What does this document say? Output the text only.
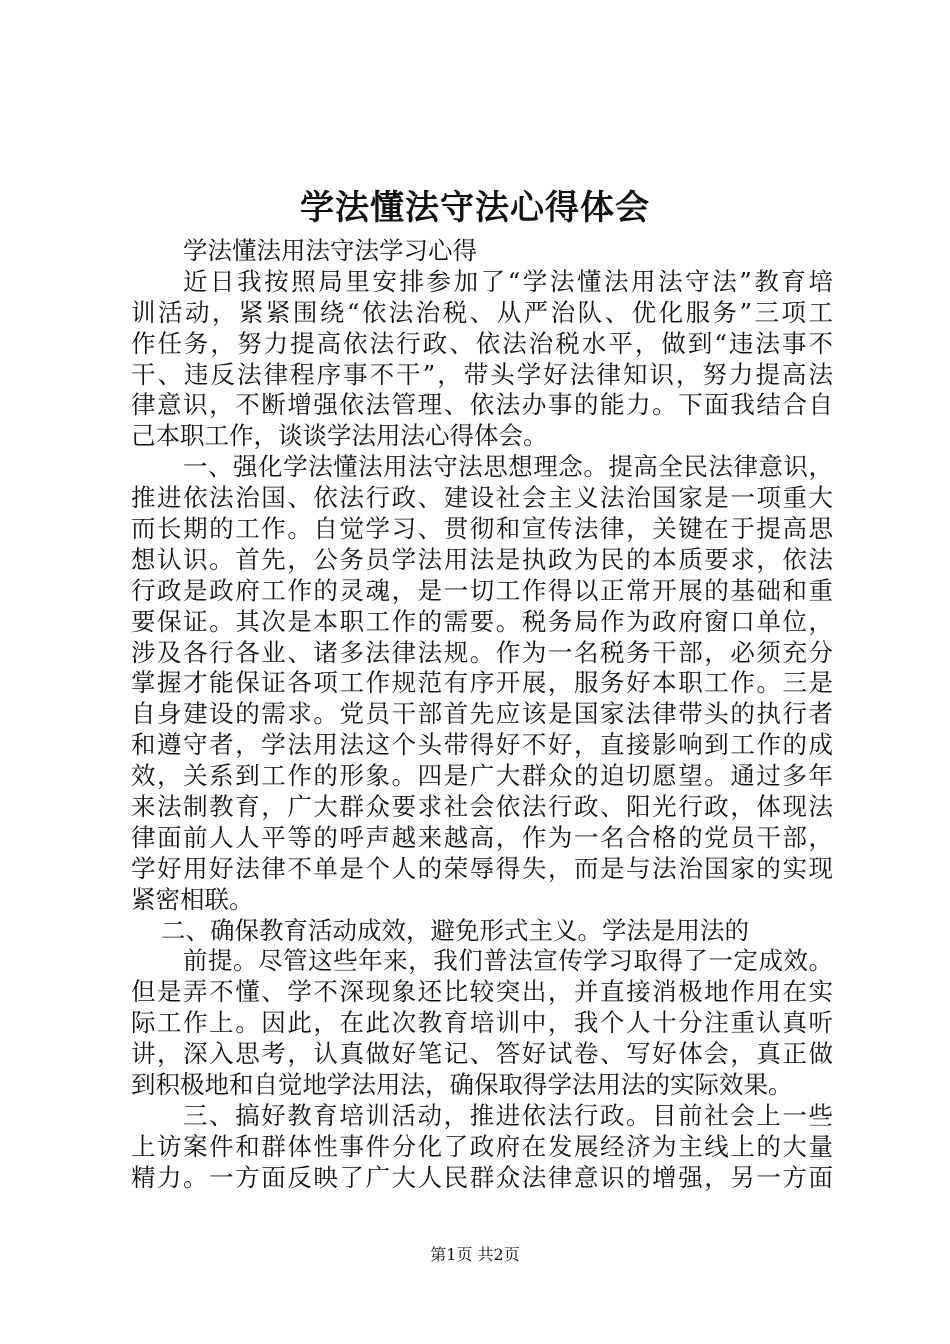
学法懂法守法心得体会
学法懂法用法守法学习心得
近日我按照局里安排参加了“学法懂法用法守法”教育培
训活动，紧紧围绕“依法治税、从严治队、优化服务”三项工
作任务，努力提高依法行政、依法治税水平，做到“违法事不
干、违反法律程序事不干”，带头学好法律知识，努力提高法
律意识，不断增强依法管理、依法办事的能力。下面我结合自
己本职工作，谈谈学法用法心得体会。
一、强化学法懂法用法守法思想理念。提高全民法律意识，
推进依法治国、依法行政、建设社会主义法治国家是一项重大
而长期的工作。自觉学习、贯彻和宣传法律，关键在于提高思
想认识。首先，公务员学法用法是执政为民的本质要求，依法
行政是政府工作的灵魂，是一切工作得以正常开展的基础和重
要保证。其次是本职工作的需要。税务局作为政府窗口单位，
涉及各行各业、诸多法律法规。作为一名税务干部，必须充分
掌握才能保证各项工作规范有序开展，服务好本职工作。三是
自身建设的需求。党员干部首先应该是国家法律带头的执行者
和遵守者，学法用法这个头带得好不好，直接影响到工作的成
效，关系到工作的形象。四是广大群众的迫切愿望。通过多年
来法制教育，广大群众要求社会依法行政、阳光行政，体现法
律面前人人平等的呼声越来越高，作为一名合格的党员干部，
学好用好法律不单是个人的荣辱得失，而是与法治国家的实现
紧密相联。
二、确保教育活动成效，避免形式主义。学法是用法的
前提。尽管这些年来，我们普法宣传学习取得了一定成效。
但是弄不懂、学不深现象还比较突出，并直接消极地作用在实
际工作上。因此，在此次教育培训中，我个人十分注重认真听
讲，深入思考，认真做好笔记、答好试卷、写好体会，真正做
到积极地和自觉地学法用法，确保取得学法用法的实际效果。
三、搞好教育培训活动，推进依法行政。目前社会上一些
上访案件和群体性事件分化了政府在发展经济为主线上的大量
精力。一方面反映了广大人民群众法律意识的增强，另一方面
第1页 共2页
